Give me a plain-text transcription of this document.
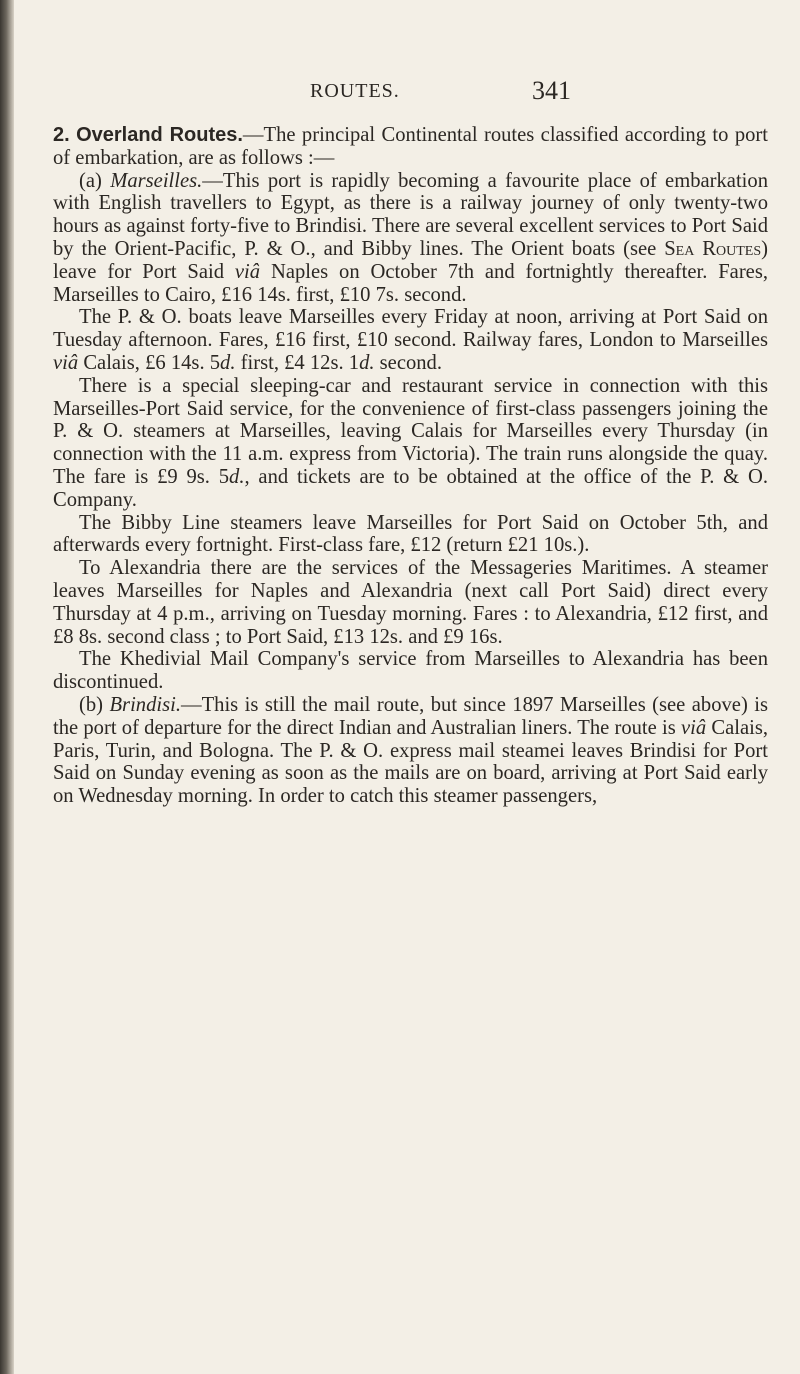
ROUTES.	341

2. Overland Routes.—The principal Continental routes classified according to port of embarkation, are as follows :—

(a) Marseilles.—This port is rapidly becoming a favourite place of embarkation with English travellers to Egypt, as there is a railway journey of only twenty-two hours as against forty-five to Brindisi. There are several excellent services to Port Said by the Orient-Pacific, P. & O., and Bibby lines. The Orient boats (see Sea Routes) leave for Port Said viâ Naples on October 7th and fortnightly thereafter. Fares, Marseilles to Cairo, £16 14s. first, £10 7s. second.

The P. & O. boats leave Marseilles every Friday at noon, arriving at Port Said on Tuesday afternoon. Fares, £16 first, £10 second. Railway fares, London to Marseilles viâ Calais, £6 14s. 5d. first, £4 12s. 1d. second.

There is a special sleeping-car and restaurant service in connection with this Marseilles-Port Said service, for the convenience of first-class passengers joining the P. & O. steamers at Marseilles, leaving Calais for Marseilles every Thursday (in connection with the 11 a.m. express from Victoria). The train runs alongside the quay. The fare is £9 9s. 5d., and tickets are to be obtained at the office of the P. & O. Company.

The Bibby Line steamers leave Marseilles for Port Said on October 5th, and afterwards every fortnight. First-class fare, £12 (return £21 10s.).

To Alexandria there are the services of the Messageries Maritimes. A steamer leaves Marseilles for Naples and Alexandria (next call Port Said) direct every Thursday at 4 p.m., arriving on Tuesday morning. Fares : to Alexandria, £12 first, and £8 8s. second class ; to Port Said, £13 12s. and £9 16s.

The Khedivial Mail Company's service from Marseilles to Alexandria has been discontinued.

(b) Brindisi.—This is still the mail route, but since 1897 Marseilles (see above) is the port of departure for the direct Indian and Australian liners. The route is viâ Calais, Paris, Turin, and Bologna. The P. & O. express mail steamei leaves Brindisi for Port Said on Sunday evening as soon as the mails are on board, arriving at Port Said early on Wednesday morning. In order to catch this steamer passengers,
